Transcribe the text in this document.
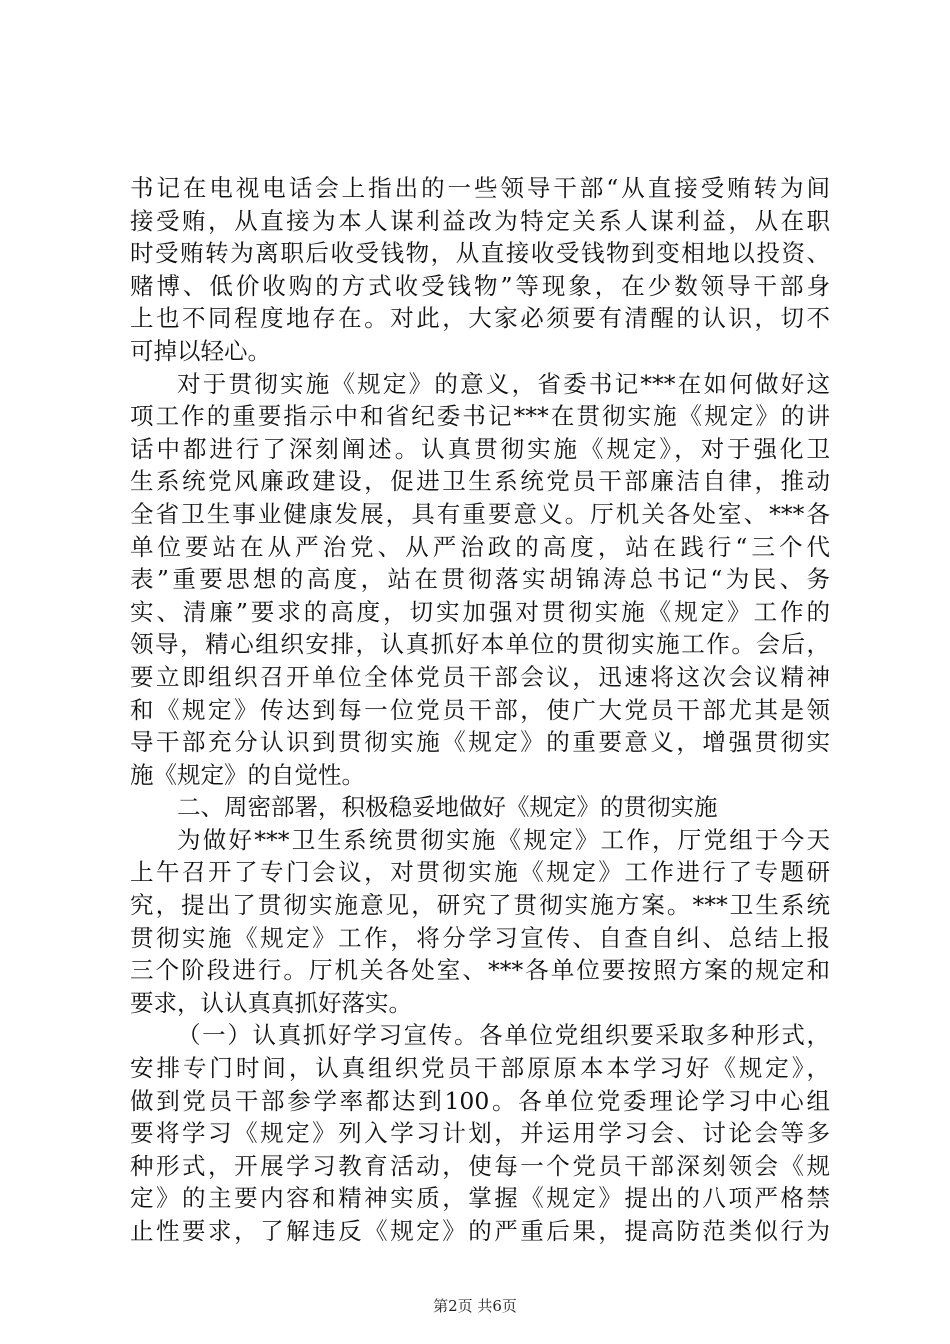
书记在电视电话会上指出的一些领导干部“从直接受贿转为间
接受贿，从直接为本人谋利益改为特定关系人谋利益，从在职
时受贿转为离职后收受钱物，从直接收受钱物到变相地以投资、
赌博、低价收购的方式收受钱物”等现象，在少数领导干部身
上也不同程度地存在。对此，大家必须要有清醒的认识，切不
可掉以轻心。
对于贯彻实施《规定》的意义，省委书记***在如何做好这
项工作的重要指示中和省纪委书记***在贯彻实施《规定》的讲
话中都进行了深刻阐述。认真贯彻实施《规定》，对于强化卫
生系统党风廉政建设，促进卫生系统党员干部廉洁自律，推动
全省卫生事业健康发展，具有重要意义。厅机关各处室、***各
单位要站在从严治党、从严治政的高度，站在践行“三个代
表”重要思想的高度，站在贯彻落实胡锦涛总书记“为民、务
实、清廉”要求的高度，切实加强对贯彻实施《规定》工作的
领导，精心组织安排，认真抓好本单位的贯彻实施工作。会后，
要立即组织召开单位全体党员干部会议，迅速将这次会议精神
和《规定》传达到每一位党员干部，使广大党员干部尤其是领
导干部充分认识到贯彻实施《规定》的重要意义，增强贯彻实
施《规定》的自觉性。
二、周密部署，积极稳妥地做好《规定》的贯彻实施
为做好***卫生系统贯彻实施《规定》工作，厅党组于今天
上午召开了专门会议，对贯彻实施《规定》工作进行了专题研
究，提出了贯彻实施意见，研究了贯彻实施方案。***卫生系统
贯彻实施《规定》工作，将分学习宣传、自查自纠、总结上报
三个阶段进行。厅机关各处室、***各单位要按照方案的规定和
要求，认认真真抓好落实。
（一）认真抓好学习宣传。各单位党组织要采取多种形式，
安排专门时间，认真组织党员干部原原本本学习好《规定》，
做到党员干部参学率都达到100。各单位党委理论学习中心组
要将学习《规定》列入学习计划，并运用学习会、讨论会等多
种形式，开展学习教育活动，使每一个党员干部深刻领会《规
定》的主要内容和精神实质，掌握《规定》提出的八项严格禁
止性要求，了解违反《规定》的严重后果，提高防范类似行为
第2页 共6页
